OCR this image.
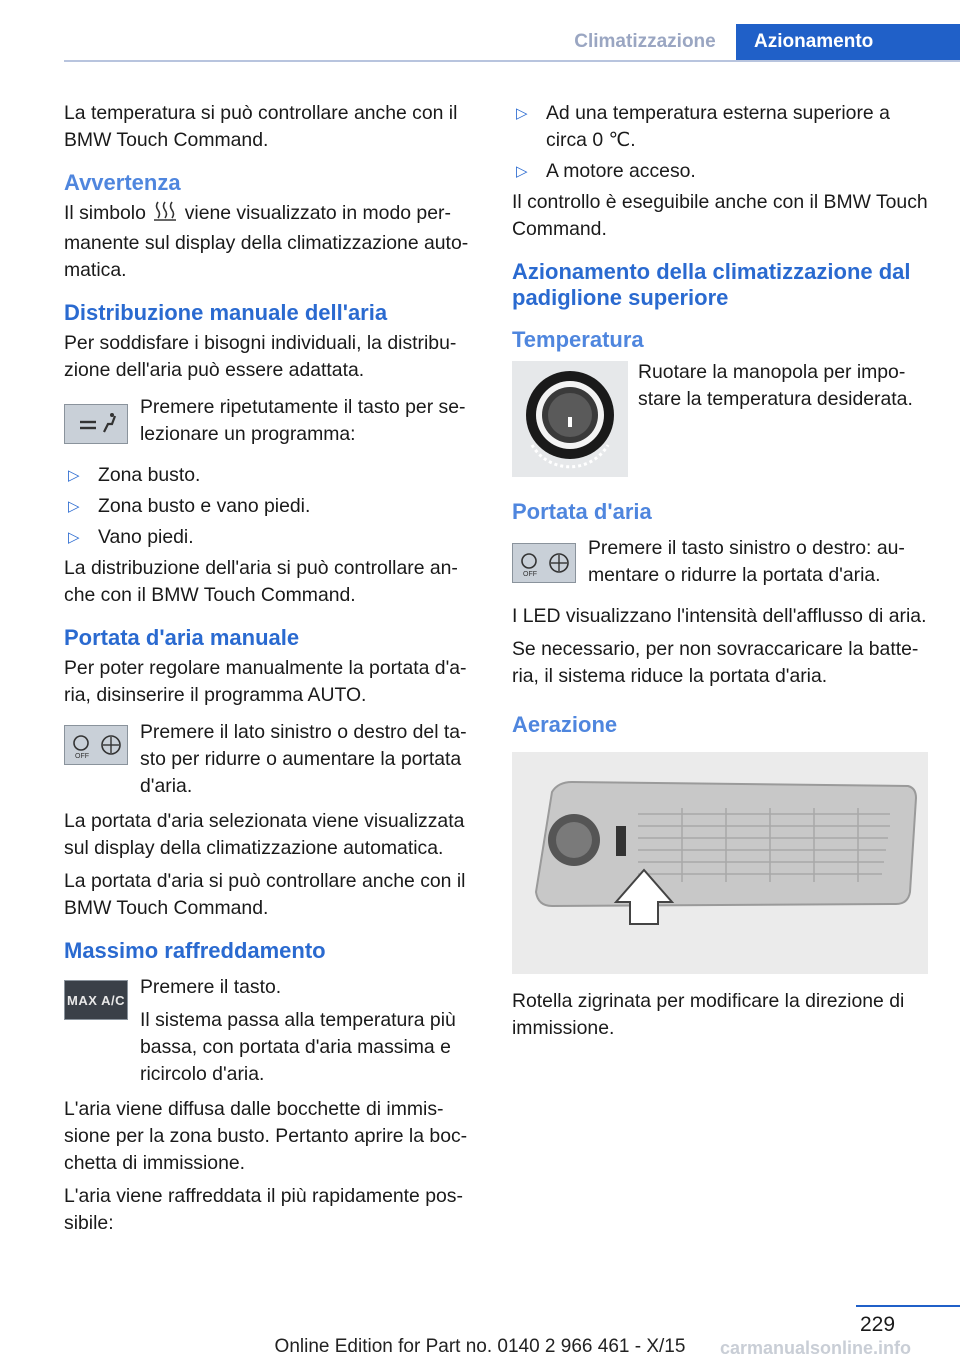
Climatizzazione	Azionamento

La temperatura si può controllare anche con il BMW Touch Command.

Avvertenza

Il simbolo viene visualizzato in modo per- manente sul display della climatizzazione auto- matica.

Distribuzione manuale dell'aria

Per soddisfare i bisogni individuali, la distribu- zione dell'aria può essere adattata.

Premere ripetutamente il tasto per se- lezionare un programma:

▷ Zona busto.
▷ Zona busto e vano piedi.
▷ Vano piedi.

La distribuzione dell'aria si può controllare an- che con il BMW Touch Command.

Portata d'aria manuale

Per poter regolare manualmente la portata d'a- ria, disinserire il programma AUTO.

OFF

Premere il lato sinistro o destro del ta- sto per ridurre o aumentare la portata d'aria.

La portata d'aria selezionata viene visualizzata sul display della climatizzazione automatica.

La portata d'aria si può controllare anche con il BMW Touch Command.

Massimo raffreddamento
MAX A/C

Premere il tasto.

Il sistema passa alla temperatura più bassa, con portata d'aria massima e ricircolo d'aria.

L'aria viene diffusa dalle bocchette di immis- sione per la zona busto. Pertanto aprire la boc- chetta di immissione.

L'aria viene raffreddata il più rapidamente pos- sibile:

▷ Ad una temperatura esterna superiore a circa 0 ℃.
▷ A motore acceso.

Il controllo è eseguibile anche con il BMW Touch Command.

Azionamento della climatizzazione dal padiglione superiore
Temperatura

Ruotare la manopola per impo- stare la temperatura desiderata.

Portata d'aria
OFF

Premere il tasto sinistro o destro: au- mentare o ridurre la portata d'aria.

I LED visualizzano l'intensità dell'afflusso di aria.

Se necessario, per non sovraccaricare la batte- ria, il sistema riduce la portata d'aria.

Aerazione

Rotella zigrinata per modificare la direzione di immissione.

229
Online Edition for Part no. 0140 2 966 461 - X/15	carmanualsonline.info
